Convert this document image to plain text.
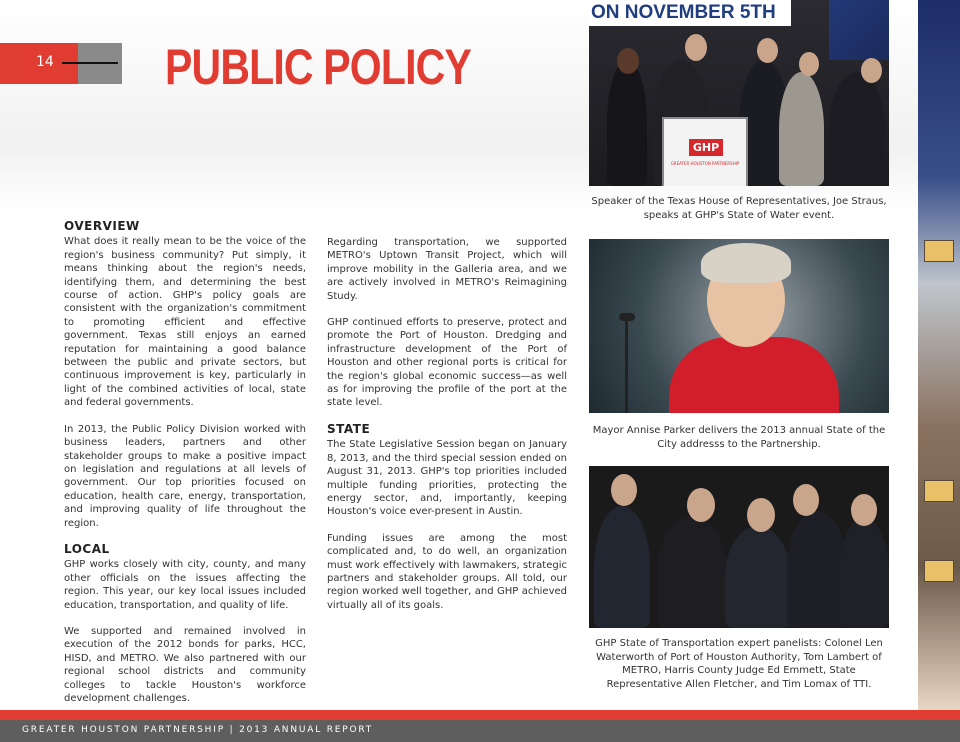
14 PUBLIC POLICY
ON NOVEMBER 5TH
GHP
GREATER HOUSTON PARTNERSHIP
Speaker of the Texas House of Representatives, Joe Straus, speaks at GHP's State of Water event.
Mayor Annise Parker delivers the 2013 annual State of the City addresss to the Partnership.
GHP State of Transportation expert panelists: Colonel Len Waterworth of Port of Houston Authority, Tom Lambert of METRO, Harris County Judge Ed Emmett, State Representative Allen Fletcher, and Tim Lomax of TTI.
OVERVIEW

What does it really mean to be the voice of the region's business community? Put simply, it means thinking about the region's needs, identifying them, and determining the best course of action. GHP's policy goals are consistent with the organization's commitment to promoting efficient and effective government. Texas still enjoys an earned reputation for maintaining a good balance between the public and private sectors, but continuous improvement is key, particularly in light of the combined activities of local, state and federal governments.

In 2013, the Public Policy Division worked with business leaders, partners and other stakeholder groups to make a positive impact on legislation and regulations at all levels of government. Our top priorities focused on education, health care, energy, transportation, and improving quality of life throughout the region.

LOCAL

GHP works closely with city, county, and many other officials on the issues affecting the region. This year, our key local issues included education, transportation, and quality of life.

We supported and remained involved in execution of the 2012 bonds for parks, HCC, HISD, and METRO. We also partnered with our regional school districts and community colleges to tackle Houston's workforce development challenges.

Regarding transportation, we supported METRO's Uptown Transit Project, which will improve mobility in the Galleria area, and we are actively involved in METRO's Reimagining Study.

GHP continued efforts to preserve, protect and promote the Port of Houston. Dredging and infrastructure development of the Port of Houston and other regional ports is critical for the region's global economic success—as well as for improving the profile of the port at the state level.

STATE

The State Legislative Session began on January 8, 2013, and the third special session ended on August 31, 2013. GHP's top priorities included multiple funding priorities, protecting the energy sector, and, importantly, keeping Houston's voice ever-present in Austin.

Funding issues are among the most complicated and, to do well, an organization must work effectively with lawmakers, strategic partners and stakeholder groups. All told, our region worked well together, and GHP achieved virtually all of its goals.

GREATER HOUSTON PARTNERSHIP | 2013 ANNUAL REPORT
